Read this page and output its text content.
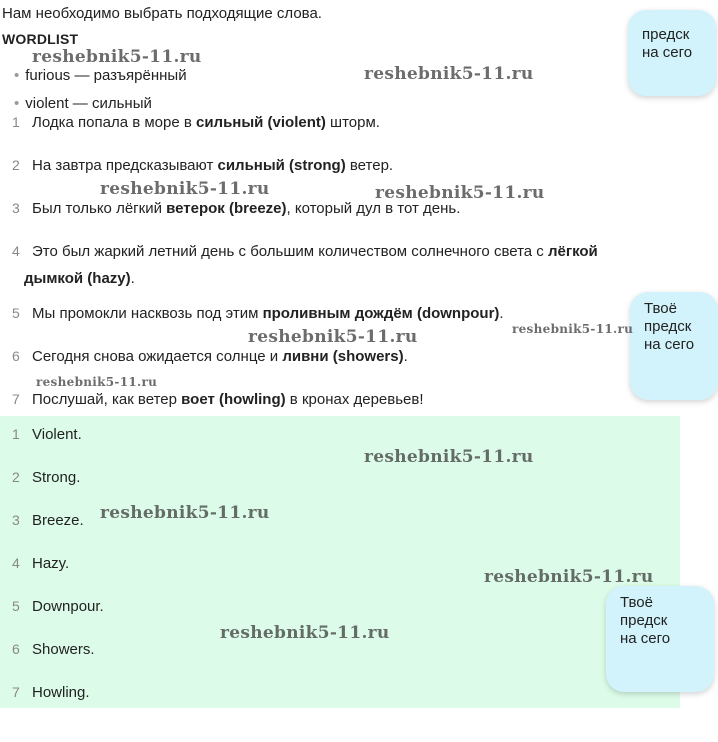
Нам необходимо выбрать подходящие слова.
WORDLIST
• furious — разъярённый
• violent — сильный
1 Лодка попала в море в сильный (violent) шторм.
2 На завтра предсказывают сильный (strong) ветер.
3 Был только лёгкий ветерок (breeze), который дул в тот день.
4 Это был жаркий летний день с большим количеством солнечного света с лёгкой дымкой (hazy).
5 Мы промокли насквозь под этим проливным дождём (downpour).
6 Сегодня снова ожидается солнце и ливни (showers).
7 Послушай, как ветер воет (howling) в кронах деревьев!
1 Violent.
2 Strong.
3 Breeze.
4 Hazy.
5 Downpour.
6 Showers.
7 Howling.
предск
на сего
Твоё
предск
на сего
Твоё
предск
на сего
reshebnik5-11.ru
reshebnik5-11.ru
reshebnik5-11.ru	reshebnik5-11.ru
reshebnik5-11.ru	reshebnik5-11.ru
reshebnik5-11.ru
reshebnik5-11.ru
reshebnik5-11.ru
reshebnik5-11.ru
reshebnik5-11.ru
